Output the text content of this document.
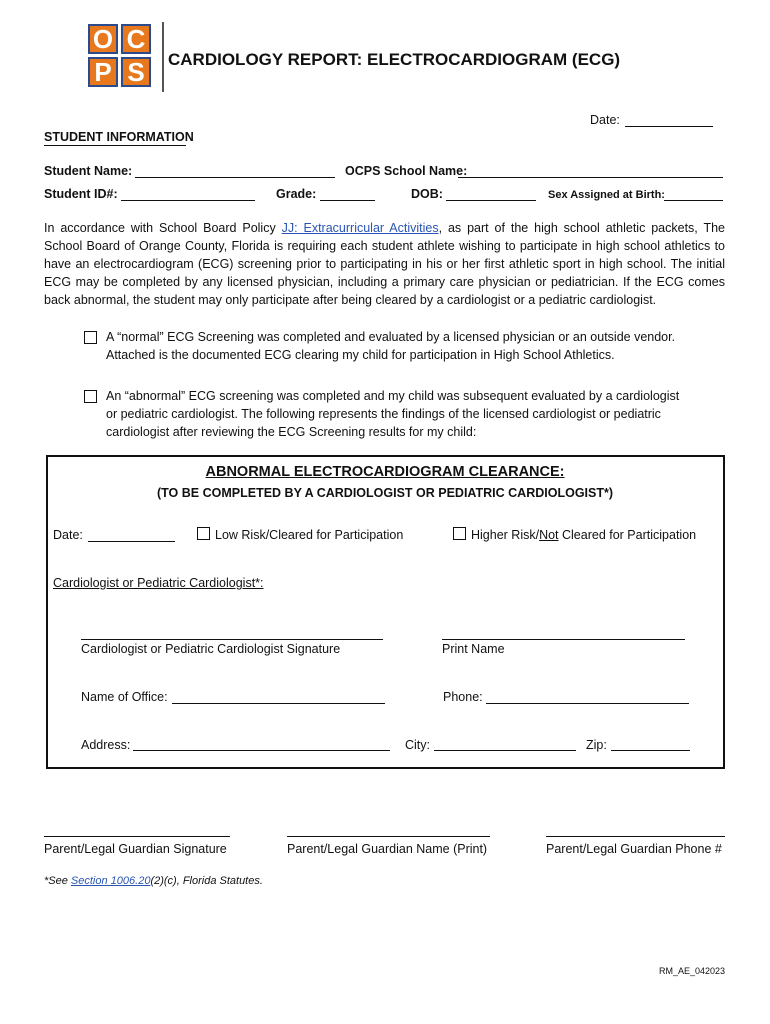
O C
P S	CARDIOLOGY REPORT: ELECTROCARDIOGRAM (ECG)
Date:
STUDENT INFORMATION
Student Name:	OCPS School Name:
Student ID#:	Grade:	DOB:	Sex Assigned at Birth:

In accordance with School Board Policy JJ: Extracurricular Activities, as part of the high school athletic packets, The School Board of Orange County, Florida is requiring each student athlete wishing to participate in high school athletics to have an electrocardiogram (ECG) screening prior to participating in his or her first athletic sport in high school. The initial ECG may be completed by any licensed physician, including a primary care physician or pediatrician. If the ECG comes back abnormal, the student may only participate after being cleared by a cardiologist or a pediatric cardiologist.

A “normal” ECG Screening was completed and evaluated by a licensed physician or an outside vendor.
Attached is the documented ECG clearing my child for participation in High School Athletics.
An “abnormal” ECG screening was completed and my child was subsequent evaluated by a cardiologist
or pediatric cardiologist. The following represents the findings of the licensed cardiologist or pediatric
cardiologist after reviewing the ECG Screening results for my child:
ABNORMAL ELECTROCARDIOGRAM CLEARANCE:
(TO BE COMPLETED BY A CARDIOLOGIST OR PEDIATRIC CARDIOLOGIST*)
Date:	Low Risk/Cleared for Participation	Higher Risk/Not Cleared for Participation
Cardiologist or Pediatric Cardiologist*:
Cardiologist or Pediatric Cardiologist Signature	Print Name
Name of Office:	Phone:
Address:	City:	Zip:
Parent/Legal Guardian Signature	Parent/Legal Guardian Name (Print)	Parent/Legal Guardian Phone #
*See Section 1006.20(2)(c), Florida Statutes.
RM_AE_042023
